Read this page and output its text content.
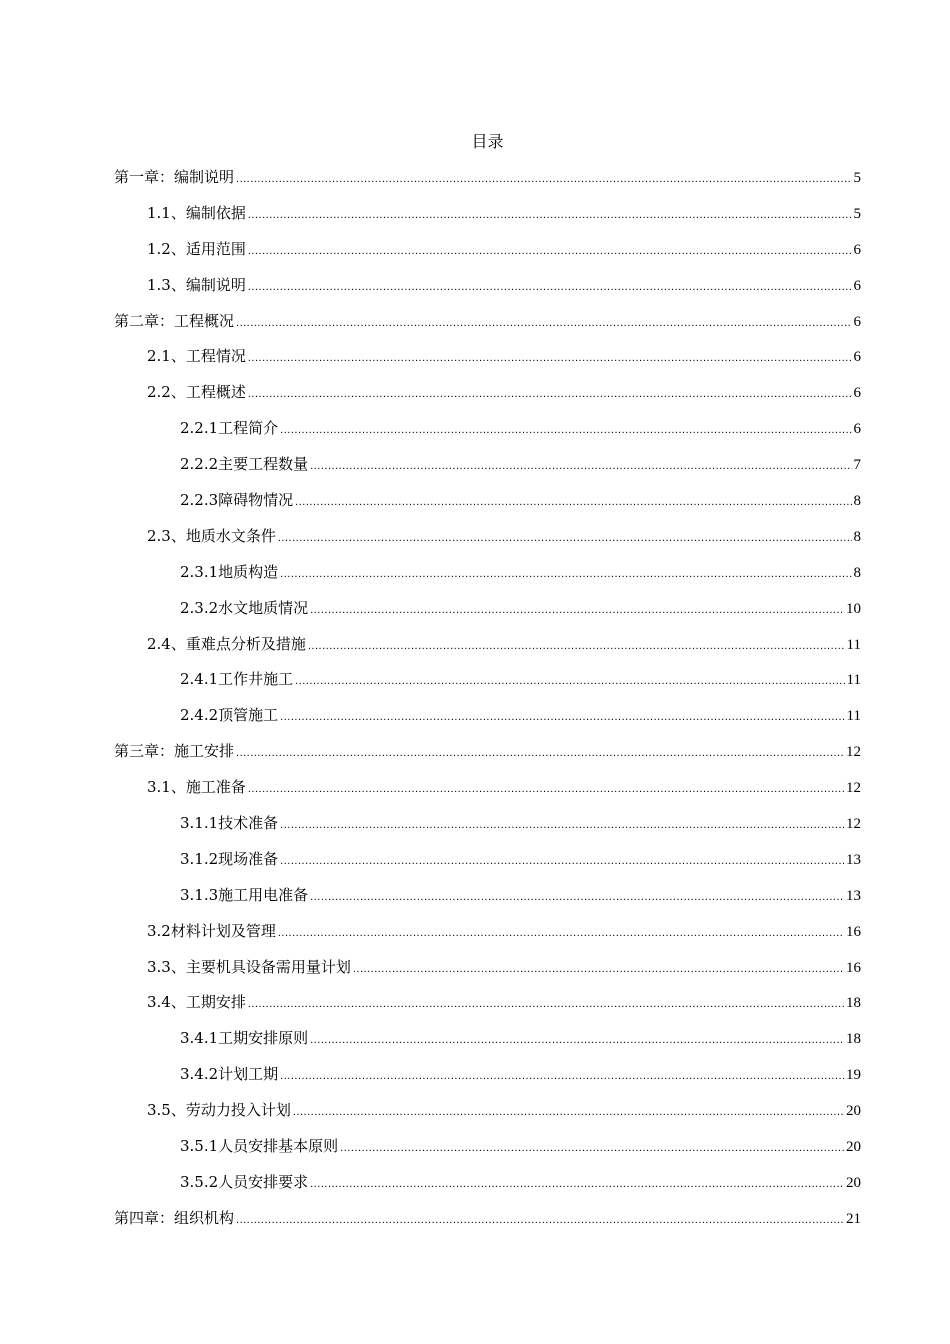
目录
第一章：编制说明 .....	5
1.1、编制依据 .....	5
1.2、适用范围 .....	6
1.3、编制说明 .....	6
第二章：工程概况 .....	6
2.1、工程情况 .....	6
2.2、工程概述 .....	6
2.2.1工程简介 .....	6
2.2.2主要工程数量 .....	7
2.2.3障碍物情况 .....	8
2.3、地质水文条件 .....	8
2.3.1地质构造 .....	8
2.3.2水文地质情况 .....	10
2.4、重难点分析及措施 .....	11
2.4.1工作井施工 .....	11
2.4.2顶管施工 .....	11
第三章：施工安排 .....	12
3.1、施工准备 .....	12
3.1.1技术准备 .....	12
3.1.2现场准备 .....	13
3.1.3施工用电准备 .....	13
3.2材料计划及管理 .....	16
3.3、主要机具设备需用量计划 .....	16
3.4、工期安排 .....	18
3.4.1工期安排原则 .....	18
3.4.2计划工期 .....	19
3.5、劳动力投入计划 .....	20
3.5.1人员安排基本原则 .....	20
3.5.2人员安排要求 .....	20
第四章：组织机构 .....	21
